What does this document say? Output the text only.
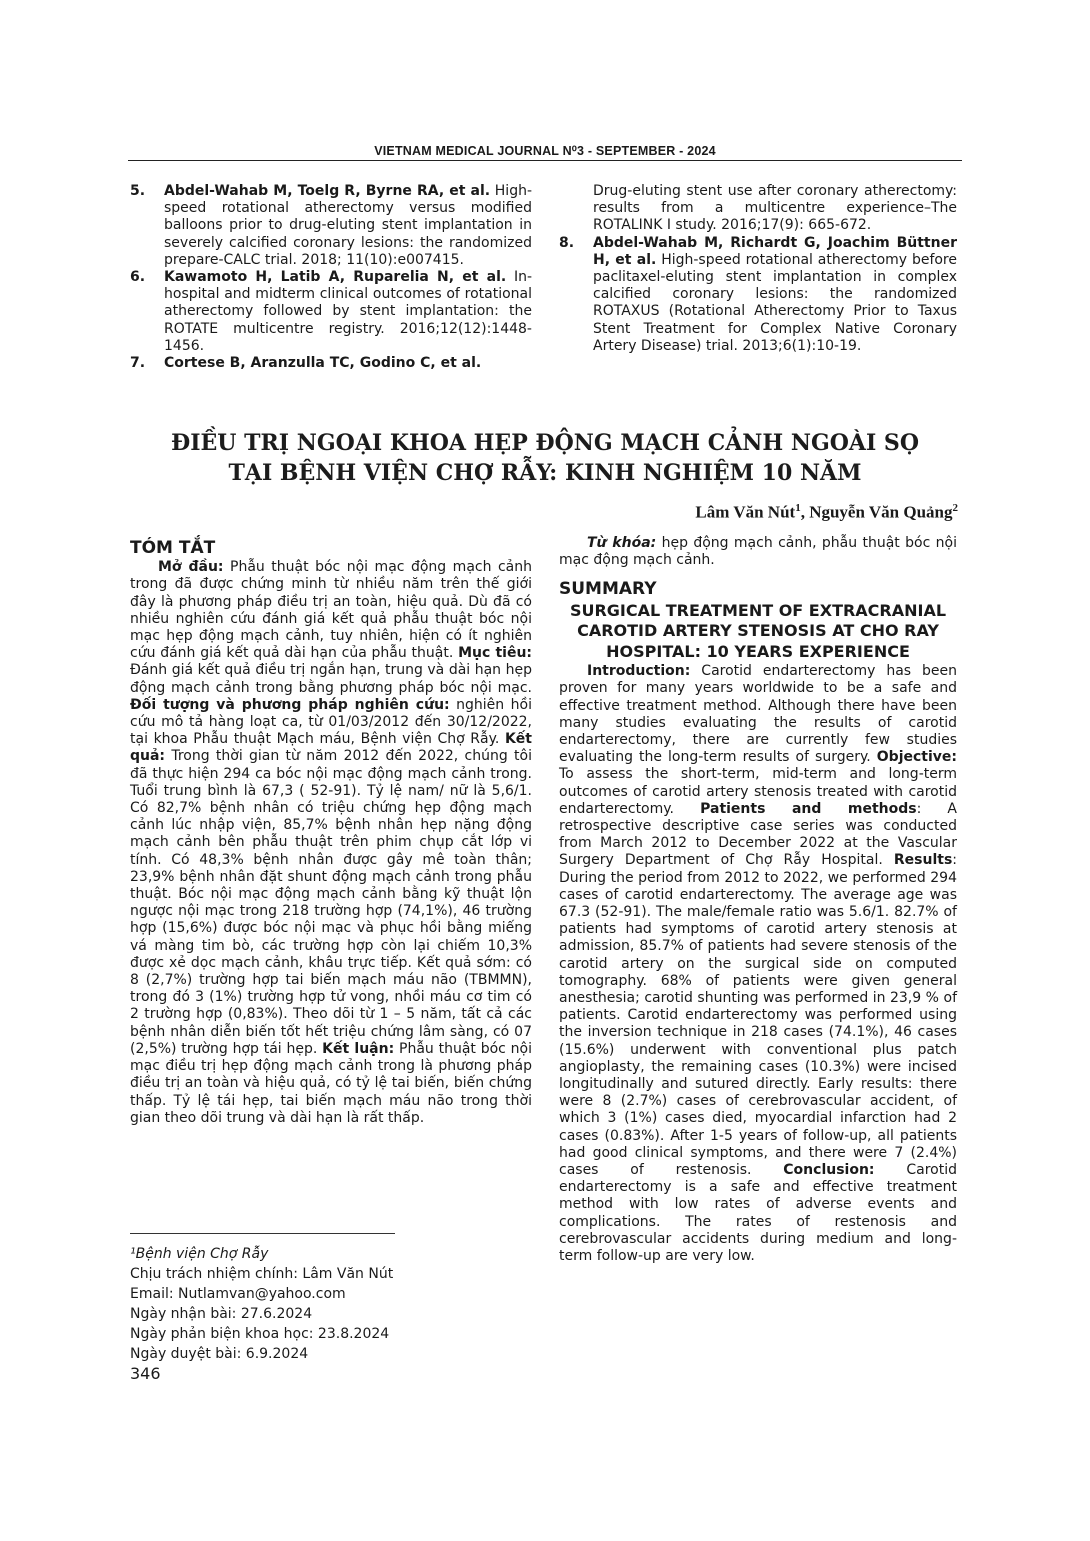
VIETNAM MEDICAL JOURNAL N⁰3 - SEPTEMBER - 2024
5.	Abdel-Wahab M, Toelg R, Byrne RA, et al. High-speed rotational atherectomy versus modified balloons prior to drug-eluting stent implantation in severely calcified coronary lesions: the randomized prepare-CALC trial. 2018; 11(10):e007415.
6.	Kawamoto H, Latib A, Ruparelia N, et al. In-hospital and midterm clinical outcomes of rotational atherectomy followed by stent implantation: the ROTATE multicentre registry. 2016;12(12):1448-1456.
7.	Cortese B, Aranzulla TC, Godino C, et al.
Drug-eluting stent use after coronary atherectomy: results from a multicentre experience–The ROTALINK I study. 2016;17(9): 665-672.
8.	Abdel-Wahab M, Richardt G, Joachim Büttner H, et al. High-speed rotational atherectomy before paclitaxel-eluting stent implantation in complex calcified coronary lesions: the randomized ROTAXUS (Rotational Atherectomy Prior to Taxus Stent Treatment for Complex Native Coronary Artery Disease) trial. 2013;6(1):10-19.
ĐIỀU TRỊ NGOẠI KHOA HẸP ĐỘNG MẠCH CẢNH NGOÀI SỌ
TẠI BỆNH VIỆN CHỢ RẪY: KINH NGHIỆM 10 NĂM
Lâm Văn Nút$^1$, Nguyễn Văn Quảng$^2$
TÓM TẮT
Mở đầu: Phẫu thuật bóc nội mạc động mạch cảnh trong đã được chứng minh từ nhiều năm trên thế giới đây là phương pháp điều trị an toàn, hiệu quả. Dù đã có nhiều nghiên cứu đánh giá kết quả phẫu thuật bóc nội mạc hẹp động mạch cảnh, tuy nhiên, hiện có ít nghiên cứu đánh giá kết quả dài hạn của phẫu thuật. Mục tiêu: Đánh giá kết quả điều trị ngắn hạn, trung và dài hạn hẹp động mạch cảnh trong bằng phương pháp bóc nội mạc. Đối tượng và phương pháp nghiên cứu: nghiên hồi cứu mô tả hàng loạt ca, từ 01/03/2012 đến 30/12/2022, tại khoa Phẫu thuật Mạch máu, Bệnh viện Chợ Rẫy. Kết quả: Trong thời gian từ năm 2012 đến 2022, chúng tôi đã thực hiện 294 ca bóc nội mạc động mạch cảnh trong. Tuổi trung bình là 67,3 ( 52-91). Tỷ lệ nam/ nữ là 5,6/1. Có 82,7% bệnh nhân có triệu chứng hẹp động mạch cảnh lúc nhập viện, 85,7% bệnh nhân hẹp nặng động mạch cảnh bên phẫu thuật trên phim chụp cắt lớp vi tính. Có 48,3% bệnh nhân được gây mê toàn thân; 23,9% bệnh nhân đặt shunt động mạch cảnh trong phẫu thuật. Bóc nội mạc động mạch cảnh bằng kỹ thuật lộn ngược nội mạc trong 218 trường hợp (74,1%), 46 trường hợp (15,6%) được bóc nội mạc và phục hồi bằng miếng vá màng tim bò, các trường hợp còn lại chiếm 10,3% được xẻ dọc mạch cảnh, khâu trực tiếp. Kết quả sớm: có 8 (2,7%) trường hợp tai biến mạch máu não (TBMMN), trong đó 3 (1%) trường hợp tử vong, nhồi máu cơ tim có 2 trường hợp (0,83%). Theo dõi từ 1 – 5 năm, tất cả các bệnh nhân diễn biến tốt hết triệu chứng lâm sàng, có 07 (2,5%) trường hợp tái hẹp. Kết luận: Phẫu thuật bóc nội mạc điều trị hẹp động mạch cảnh trong là phương pháp điều trị an toàn và hiệu quả, có tỷ lệ tai biến, biến chứng thấp. Tỷ lệ tái hẹp, tai biến mạch máu não trong thời gian theo dõi trung và dài hạn là rất thấp.
Từ khóa: hẹp động mạch cảnh, phẫu thuật bóc nội mạc động mạch cảnh.
SUMMARY
SURGICAL TREATMENT OF EXTRACRANIAL CAROTID ARTERY STENOSIS AT CHO RAY HOSPITAL: 10 YEARS EXPERIENCE
Introduction: Carotid endarterectomy has been proven for many years worldwide to be a safe and effective treatment method. Although there have been many studies evaluating the results of carotid endarterectomy, there are currently few studies evaluating the long-term results of surgery. Objective: To assess the short-term, mid-term and long-term outcomes of carotid artery stenosis treated with carotid endarterectomy. Patients and methods: A retrospective descriptive case series was conducted from March 2012 to December 2022 at the Vascular Surgery Department of Chợ Rẫy Hospital. Results: During the period from 2012 to 2022, we performed 294 cases of carotid endarterectomy. The average age was 67.3 (52-91). The male/female ratio was 5.6/1. 82.7% of patients had symptoms of carotid artery stenosis at admission, 85.7% of patients had severe stenosis of the carotid artery on the surgical side on computed tomography. 68% of patients were given general anesthesia; carotid shunting was performed in 23,9 % of patients. Carotid endarterectomy was performed using the inversion technique in 218 cases (74.1%), 46 cases (15.6%) underwent with conventional plus patch angioplasty, the remaining cases (10.3%) were incised longitudinally and sutured directly. Early results: there were 8 (2.7%) cases of cerebrovascular accident, of which 3 (1%) cases died, myocardial infarction had 2 cases (0.83%). After 1-5 years of follow-up, all patients had good clinical symptoms, and there were 7 (2.4%) cases of restenosis. Conclusion: Carotid endarterectomy is a safe and effective treatment method with low rates of adverse events and complications. The rates of restenosis and cerebrovascular accidents during medium and long-term follow-up are very low.
¹Bệnh viện Chợ Rẫy
Chịu trách nhiệm chính: Lâm Văn Nút
Email: Nutlamvan@yahoo.com
Ngày nhận bài: 27.6.2024
Ngày phản biện khoa học: 23.8.2024
Ngày duyệt bài: 6.9.2024
346
